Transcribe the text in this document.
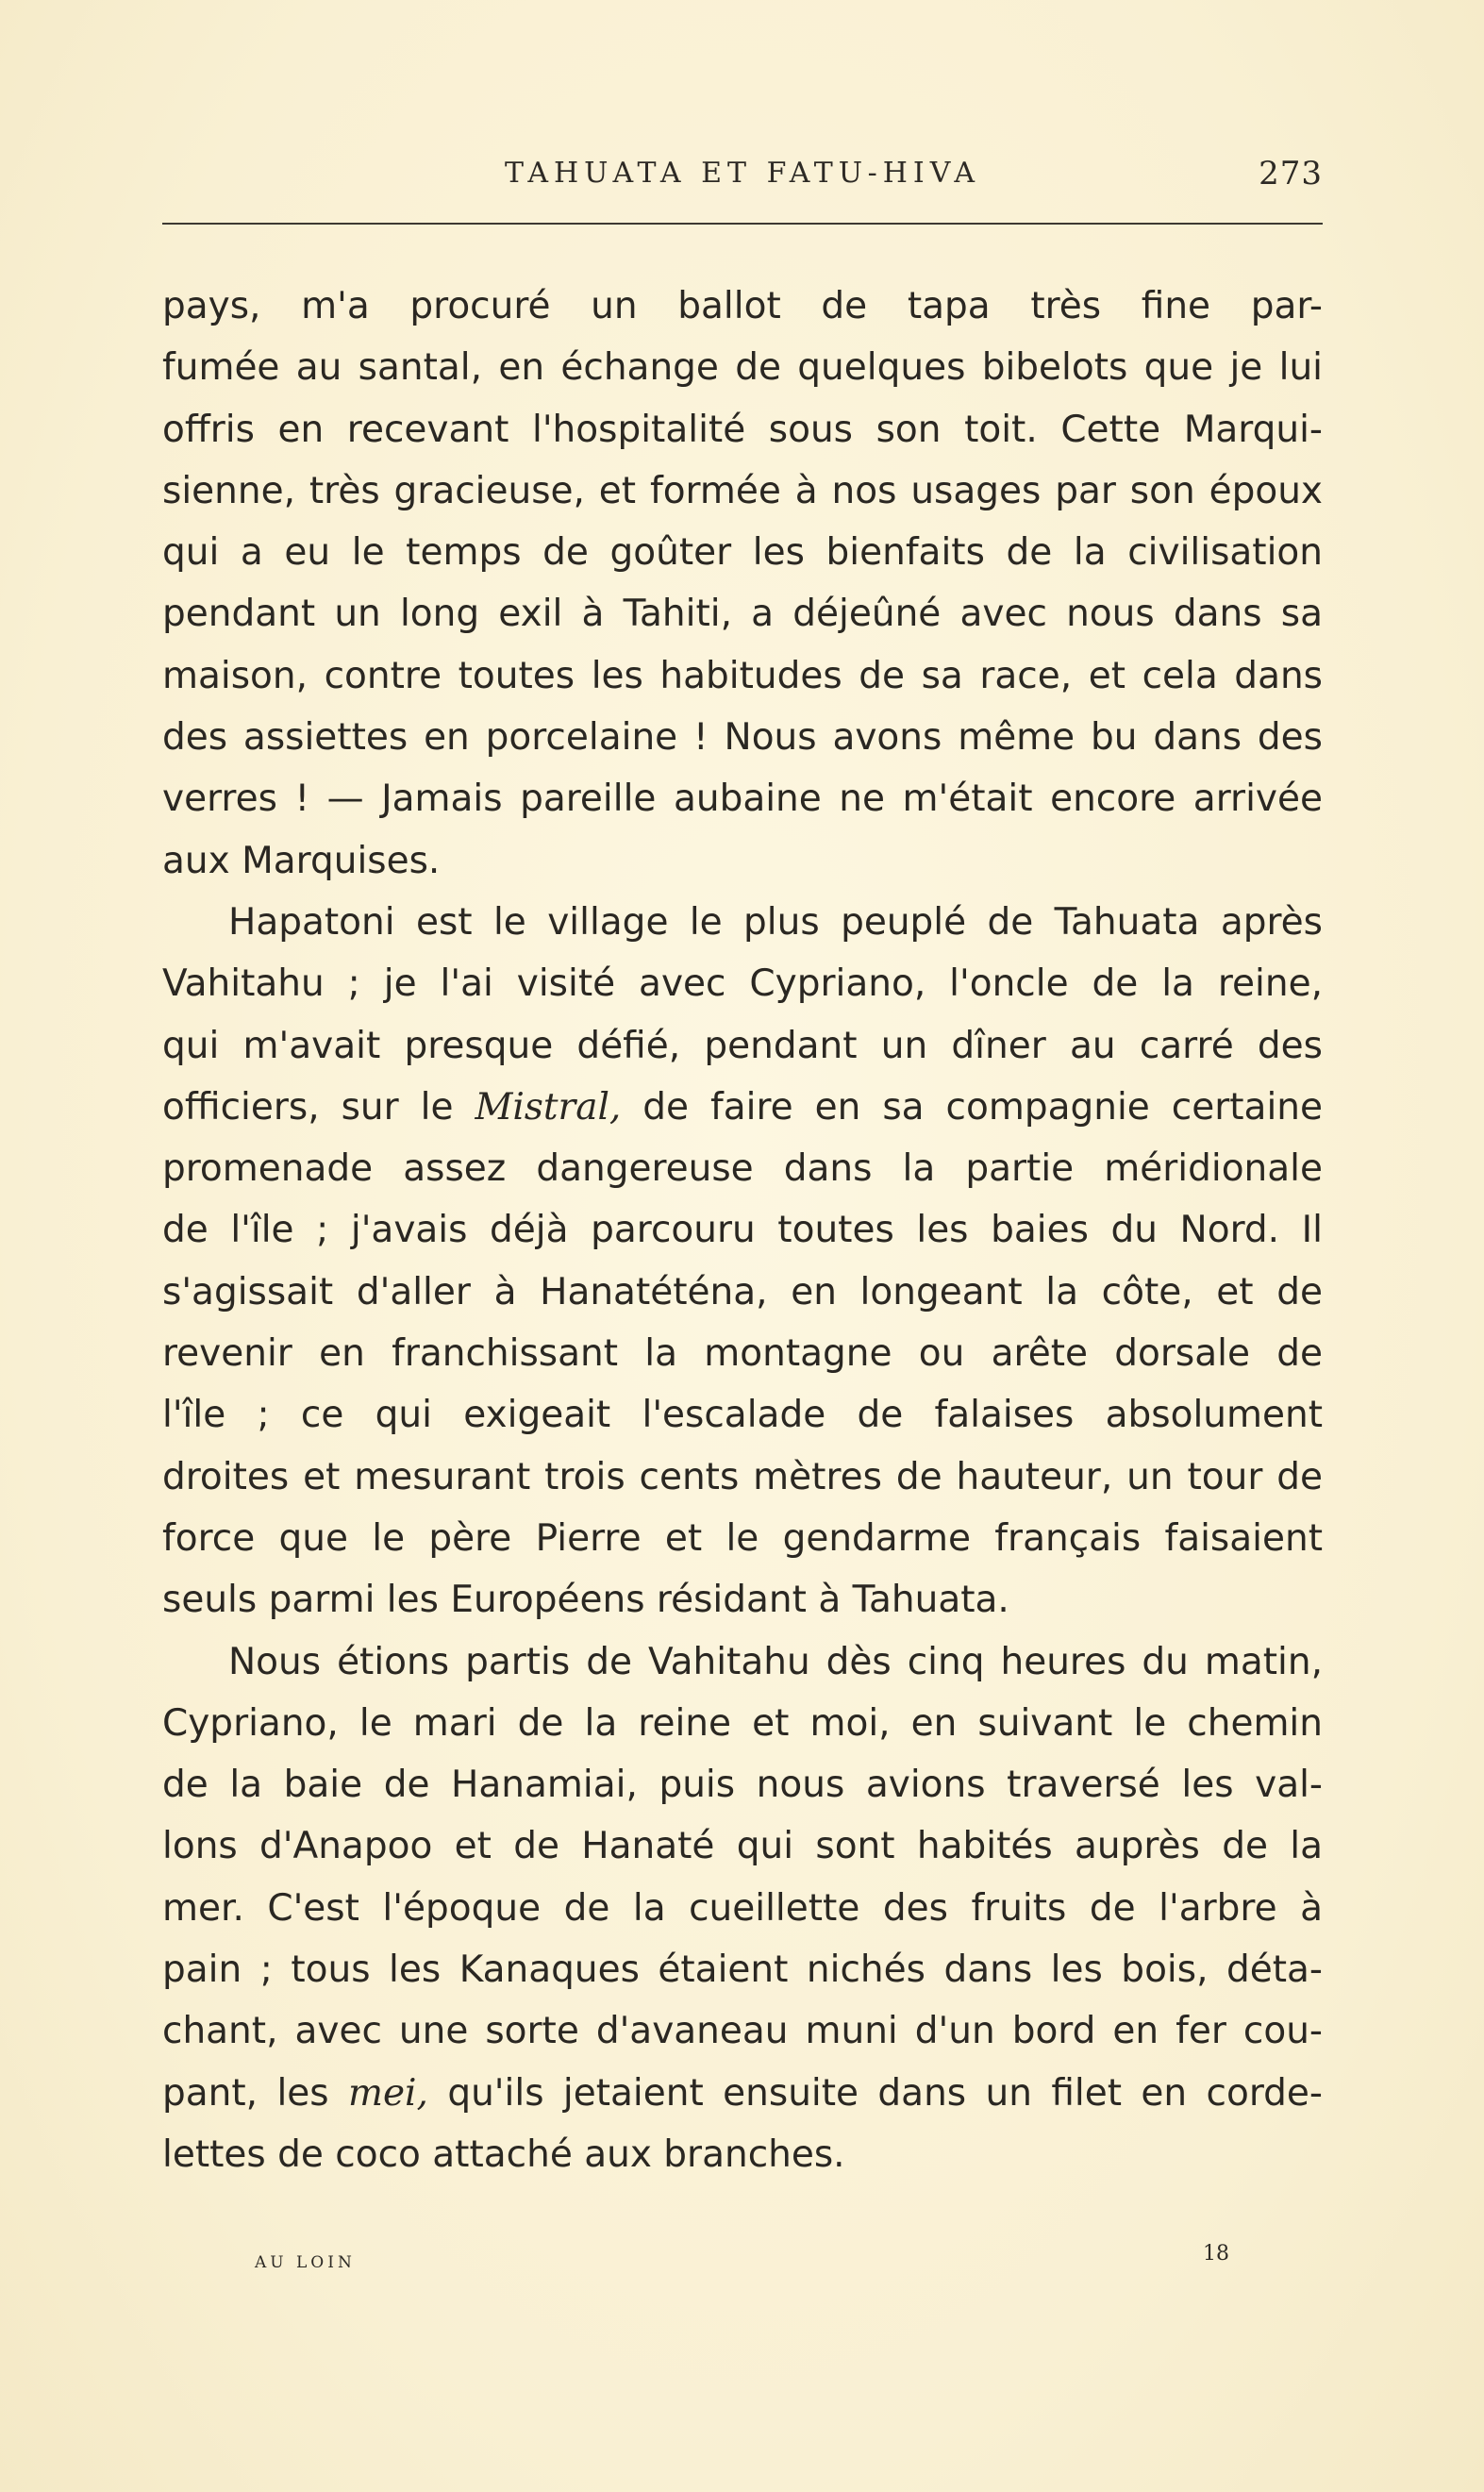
TAHUATA ET FATU-HIVA	273
pays, m'a procuré un ballot de tapa très fine par-
fumée au santal, en échange de quelques bibelots que je lui
offris en recevant l'hospitalité sous son toit. Cette Marqui-
sienne, très gracieuse, et formée à nos usages par son époux
qui a eu le temps de goûter les bienfaits de la civilisation
pendant un long exil à Tahiti, a déjeûné avec nous dans sa
maison, contre toutes les habitudes de sa race, et cela dans
des assiettes en porcelaine ! Nous avons même bu dans des
verres ! — Jamais pareille aubaine ne m'était encore arrivée
aux Marquises.
Hapatoni est le village le plus peuplé de Tahuata après
Vahitahu ; je l'ai visité avec Cypriano, l'oncle de la reine,
qui m'avait presque défié, pendant un dîner au carré des
officiers, sur le Mistral, de faire en sa compagnie certaine
promenade assez dangereuse dans la partie méridionale
de l'île ; j'avais déjà parcouru toutes les baies du Nord. Il
s'agissait d'aller à Hanatéténa, en longeant la côte, et de
revenir en franchissant la montagne ou arête dorsale de
l'île ; ce qui exigeait l'escalade de falaises absolument
droites et mesurant trois cents mètres de hauteur, un tour de
force que le père Pierre et le gendarme français faisaient
seuls parmi les Européens résidant à Tahuata.
Nous étions partis de Vahitahu dès cinq heures du matin,
Cypriano, le mari de la reine et moi, en suivant le chemin
de la baie de Hanamiai, puis nous avions traversé les val-
lons d'Anapoo et de Hanaté qui sont habités auprès de la
mer. C'est l'époque de la cueillette des fruits de l'arbre à
pain ; tous les Kanaques étaient nichés dans les bois, déta-
chant, avec une sorte d'avaneau muni d'un bord en fer cou-
pant, les mei, qu'ils jetaient ensuite dans un filet en corde-
lettes de coco attaché aux branches.
AU LOIN	18
